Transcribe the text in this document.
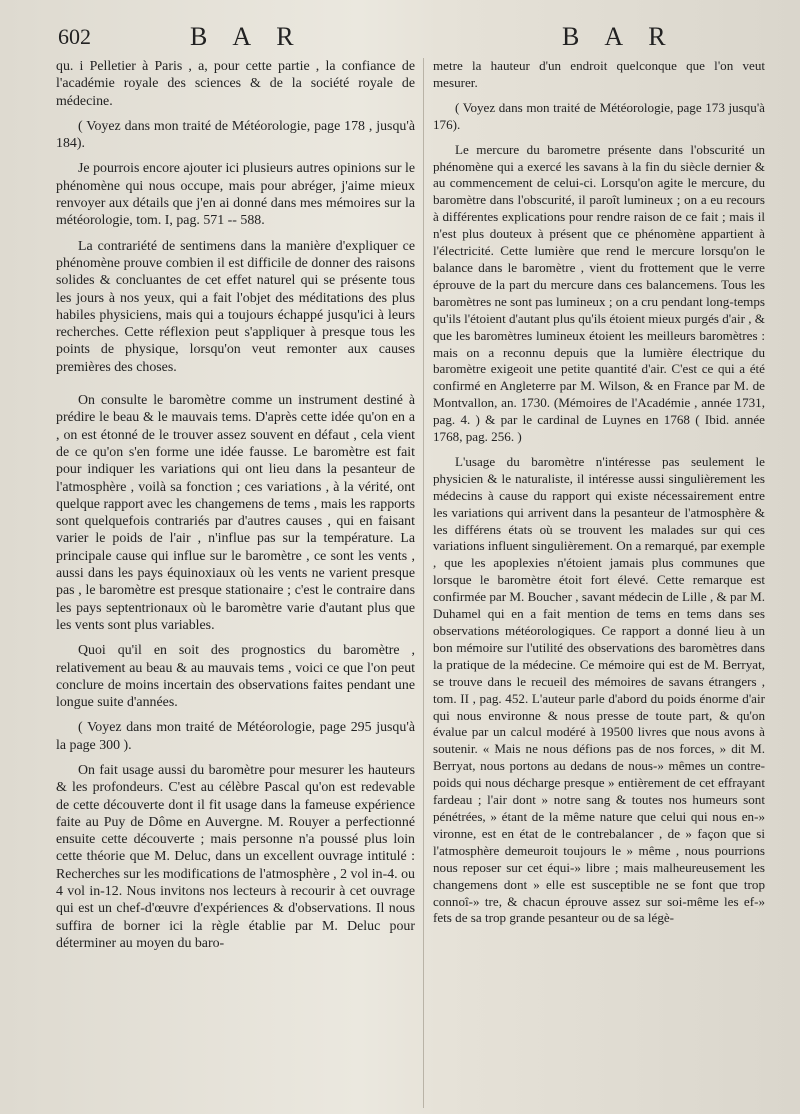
602	B A R	B A R

qu. i Pelletier à Paris , a, pour cette partie , la confiance de l'académie royale des sciences & de la société royale de médecine.

( Voyez dans mon traité de Météorologie, page 178 , jusqu'à 184).

Je pourrois encore ajouter ici plusieurs autres opinions sur le phénomène qui nous occupe, mais pour abréger, j'aime mieux renvoyer aux détails que j'en ai donné dans mes mémoires sur la météorologie, tom. I, pag. 571 -- 588.

La contrariété de sentimens dans la manière d'expliquer ce phénomène prouve combien il est difficile de donner des raisons solides & concluantes de cet effet naturel qui se présente tous les jours à nos yeux, qui a fait l'objet des méditations des plus habiles physiciens, mais qui a toujours échappé jusqu'ici à leurs recherches. Cette réflexion peut s'appliquer à presque tous les points de physique, lorsqu'on veut remonter aux causes premières des choses.

On consulte le baromètre comme un instrument destiné à prédire le beau & le mauvais tems. D'après cette idée qu'on en a , on est étonné de le trouver assez souvent en défaut , cela vient de ce qu'on s'en forme une idée fausse. Le baromètre est fait pour indiquer les variations qui ont lieu dans la pesanteur de l'atmosphère , voilà sa fonction ; ces variations , à la vérité, ont quelque rapport avec les changemens de tems , mais les rapports sont quelquefois contrariés par d'autres causes , qui en faisant varier le poids de l'air , n'influe pas sur la température. La principale cause qui influe sur le baromètre , ce sont les vents , aussi dans les pays équinoxiaux où les vents ne varient presque pas , le baromètre est presque stationaire ; c'est le contraire dans les pays septentrionaux où le baromètre varie d'autant plus que les vents sont plus variables.

Quoi qu'il en soit des prognostics du baromètre , relativement au beau & au mauvais tems , voici ce que l'on peut conclure de moins incertain des observations faites pendant une longue suite d'années.

( Voyez dans mon traité de Météorologie, page 295 jusqu'à la page 300 ).

On fait usage aussi du baromètre pour mesurer les hauteurs & les profondeurs. C'est au célèbre Pascal qu'on est redevable de cette découverte dont il fit usage dans la fameuse expérience faite au Puy de Dôme en Auvergne. M. Rouyer a perfectionné ensuite cette découverte ; mais personne n'a poussé plus loin cette théorie que M. Deluc, dans un excellent ouvrage intitulé : Recherches sur les modifications de l'atmosphère , 2 vol in-4. ou 4 vol in-12. Nous invitons nos lecteurs à recourir à cet ouvrage qui est un chef-d'œuvre d'expériences & d'observations. Il nous suffira de borner ici la règle établie par M. Deluc pour déterminer au moyen du baro-

metre la hauteur d'un endroit quelconque que l'on veut mesurer.

( Voyez dans mon traité de Météorologie, page 173 jusqu'à 176).

Le mercure du barometre présente dans l'obscurité un phénomène qui a exercé les savans à la fin du siècle dernier & au commencement de celui-ci. Lorsqu'on agite le mercure, du baromètre dans l'obscurité, il paroît lumineux ; on a eu recours à différentes explications pour rendre raison de ce fait ; mais il n'est plus douteux à présent que ce phénomène appartient à l'électricité. Cette lumière que rend le mercure lorsqu'on le balance dans le baromètre , vient du frottement que le verre éprouve de la part du mercure dans ces balancemens. Tous les baromètres ne sont pas lumineux ; on a cru pendant long-temps qu'ils l'étoient d'autant plus qu'ils étoient mieux purgés d'air , & que les baromètres lumineux étoient les meilleurs baromètres : mais on a reconnu depuis que la lumière électrique du baromètre exigeoit une petite quantité d'air. C'est ce qui a été confirmé en Angleterre par M. Wilson, & en France par M. de Montvallon, an. 1730. (Mémoires de l'Académie , année 1731, pag. 4. ) & par le cardinal de Luynes en 1768 ( Ibid. année 1768, pag. 256. )

L'usage du baromètre n'intéresse pas seulement le physicien & le naturaliste, il intéresse aussi singulièrement les médecins à cause du rapport qui existe nécessairement entre les variations qui arrivent dans la pesanteur de l'atmosphère & les différens états où se trouvent les malades sur qui ces variations influent singulièrement. On a remarqué, par exemple , que les apoplexies n'étoient jamais plus communes que lorsque le baromètre étoit fort élevé. Cette remarque est confirmée par M. Boucher , savant médecin de Lille , & par M. Duhamel qui en a fait mention de tems en tems dans ses observations météorologiques. Ce rapport a donné lieu à un bon mémoire sur l'utilité des observations des baromètres dans la pratique de la médecine. Ce mémoire qui est de M. Berryat, se trouve dans le recueil des mémoires de savans étrangers , tom. II , pag. 452. L'auteur parle d'abord du poids énorme d'air qui nous environne & nous presse de toute part, & qu'on évalue par un calcul modéré à 19500 livres que nous avons à soutenir. « Mais ne nous défions pas de nos forces, » dit M. Berryat, nous portons au dedans de nous-» mêmes un contre-poids qui nous décharge presque » entièrement de cet effrayant fardeau ; l'air dont » notre sang & toutes nos humeurs sont pénétrées, » étant de la même nature que celui qui nous en-» vironne, est en état de le contrebalancer , de » façon que si l'atmosphère demeuroit toujours le » même , nous pourrions nous reposer sur cet équi-» libre ; mais malheureusement les changemens dont » elle est susceptible ne se font que trop connoî-» tre, & chacun éprouve assez sur soi-même les ef-» fets de sa trop grande pesanteur ou de sa légè-
